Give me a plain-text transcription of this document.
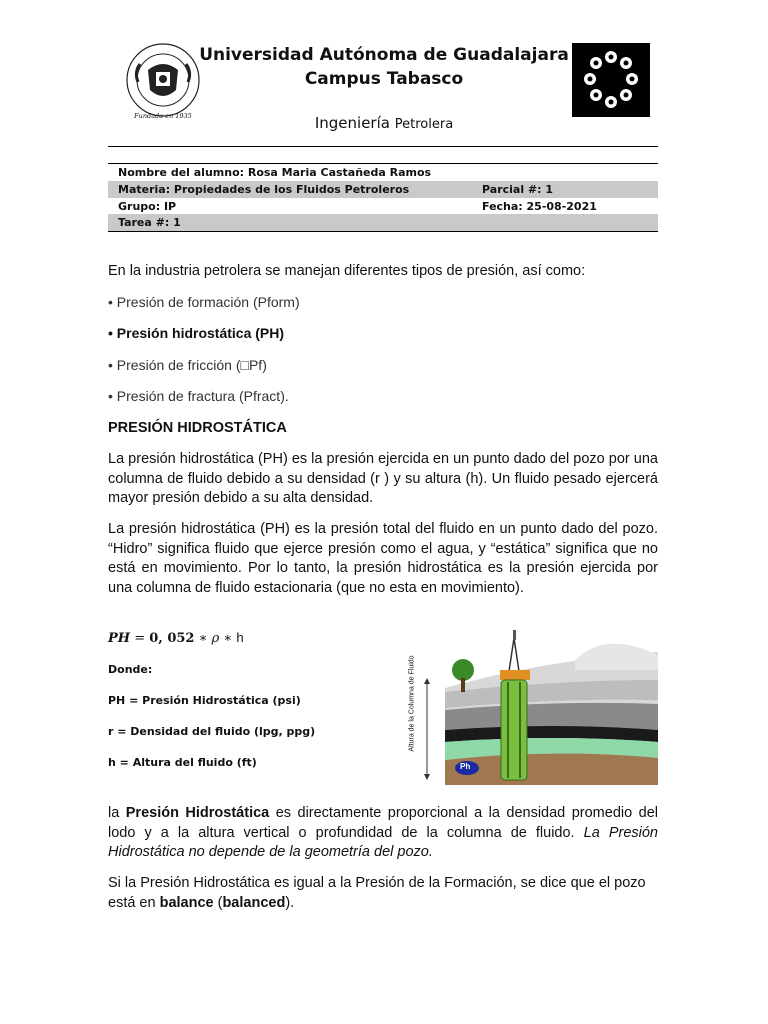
Fundada en 1935
Universidad Autónoma de Guadalajara
Campus Tabasco
Ingeniería Petrolera
Nombre del alumno: Rosa Maria Castañeda Ramos
Materia: Propiedades de los Fluidos Petroleros	Parcial #: 1
Grupo: IP	Fecha: 25-08-2021
Tarea #: 1
En la industria petrolera se manejan diferentes tipos de presión, así como:
• Presión de formación (Pform)
• Presión hidrostática (PH)
• Presión de fricción (□Pf)
• Presión de fractura (Pfract).
PRESIÓN HIDROSTÁTICA
La presión hidrostática (PH) es la presión ejercida en un punto dado del pozo por una columna de fluido debido a su densidad (r ) y su altura (h). Un fluido pesado ejercerá mayor presión debido a su alta densidad.
La presión hidrostática (PH) es la presión total del fluido en un punto dado del pozo. “Hidro” significa fluido que ejerce presión como el agua, y “estática” significa que no está en movimiento. Por lo tanto, la presión hidrostática es la presión ejercida por una columna de fluido estacionaria (que no esta en movimiento).
PH = 0, 052 ∗ ρ ∗ h
Donde:
PH = Presión Hidrostática (psi)
r = Densidad del fluido (lpg, ppg)
h = Altura del fluido (ft)
Altura de la Columna de Fluido
Ph
la Presión Hidrostática es directamente proporcional a la densidad promedio del lodo y a la altura vertical o profundidad de la columna de fluido. La Presión Hidrostática no depende de la geometría del pozo.
Si la Presión Hidrostática es igual a la Presión de la Formación, se dice que el pozo está en balance (balanced).
